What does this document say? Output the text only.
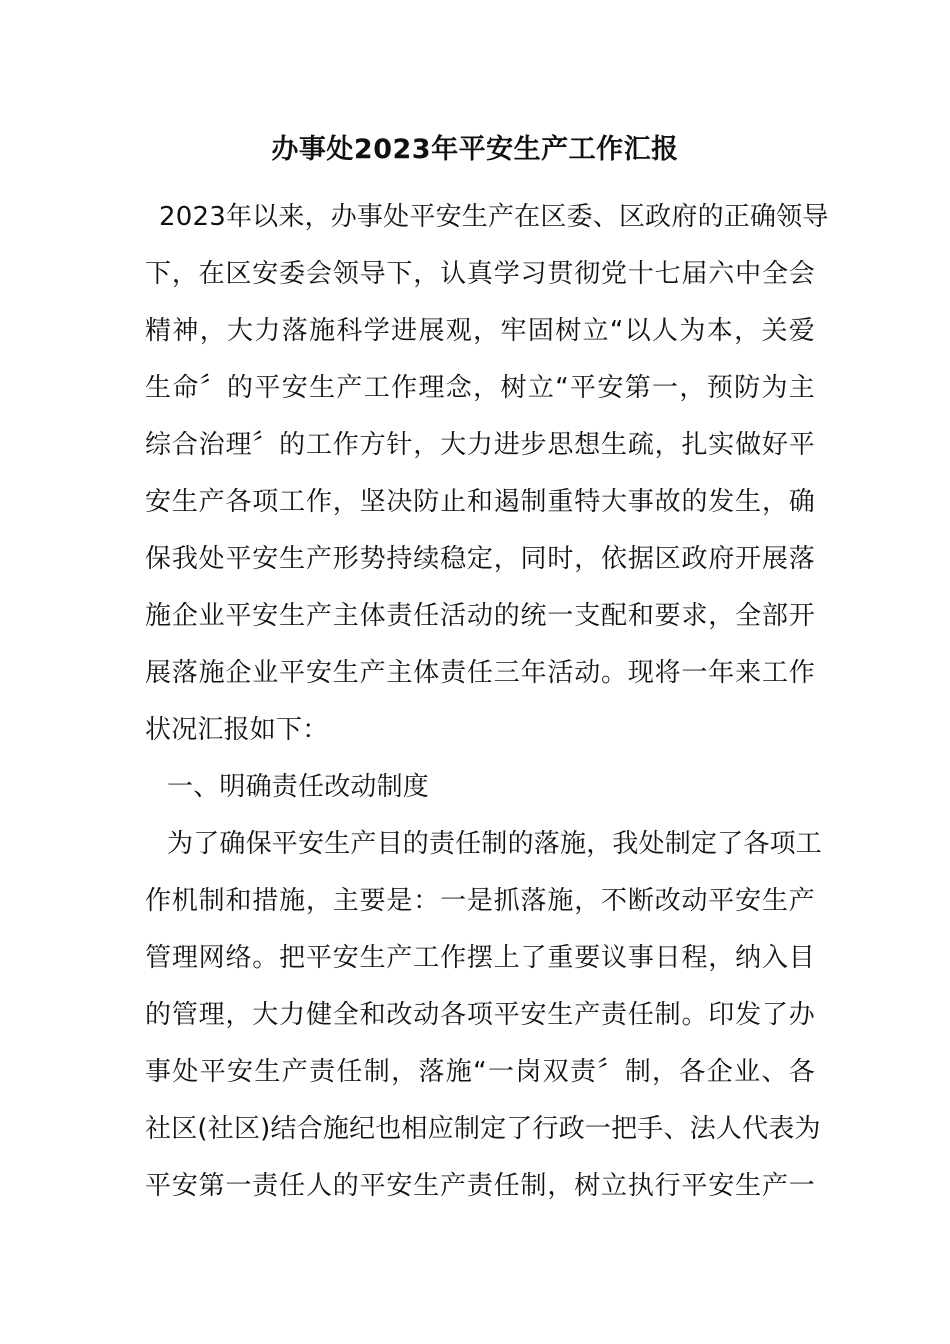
办事处2023年平安生产工作汇报
2023年以来，办事处平安生产在区委、区政府的正确领导
下，在区安委会领导下，认真学习贯彻党十七届六中全会
精神，大力落施科学进展观，牢固树立“以人为本，关爱
生命〞的平安生产工作理念，树立“平安第一，预防为主
综合治理〞的工作方针，大力进步思想生疏，扎实做好平
安生产各项工作，坚决防止和遏制重特大事故的发生，确
保我处平安生产形势持续稳定，同时，依据区政府开展落
施企业平安生产主体责任活动的统一支配和要求，全部开
展落施企业平安生产主体责任三年活动。现将一年来工作
状况汇报如下：
一、明确责任改动制度
为了确保平安生产目的责任制的落施，我处制定了各项工
作机制和措施，主要是：一是抓落施，不断改动平安生产
管理网络。把平安生产工作摆上了重要议事日程，纳入目
的管理，大力健全和改动各项平安生产责任制。印发了办
事处平安生产责任制，落施“一岗双责〞制，各企业、各
社区(社区)结合施纪也相应制定了行政一把手、法人代表为
平安第一责任人的平安生产责任制，树立执行平安生产一
